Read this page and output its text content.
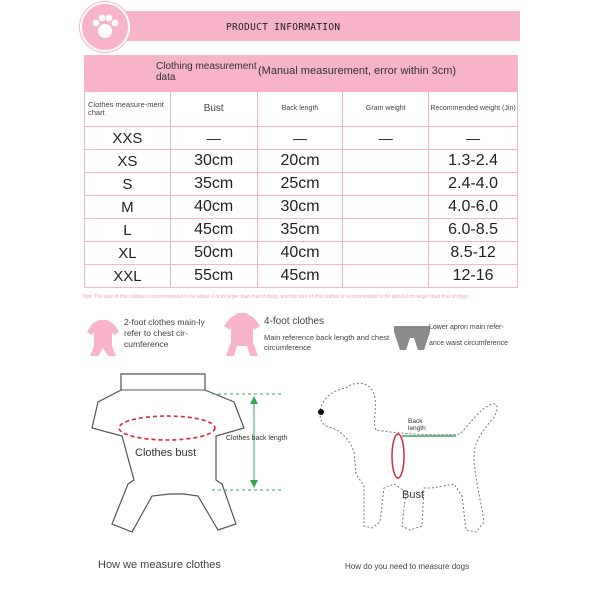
PRODUCT INFORMATION
Clothing measurement data
(Manual measurement, error within 3cm)
Clothes measure-ment chart	Bust	Back length	Gram weight	Recommended weight (Jin)
XXS	—	—	—	—
XS	30cm	20cm		1.3-2.4
S	35cm	25cm		2.4-4.0
M	40cm	30cm		4.0-6.0
L	45cm	35cm		6.0-8.5
XL	50cm	40cm		8.5-12
XXL	55cm	45cm		12-16
Tips: The size of this clothes is recommended to be about 2-3cm larger than that of dogs, and the size of this clothes is recommended to be about 2cm larger than that of dogs.
2-foot clothes main-ly refer to chest cir-cumference
4-foot clothes
Main reference back length and chest circumference
Lower apron main refer-
ance waist circumference
Clothes bust
Clothes back length
Back length
Bust
How we measure clothes	How do you need to measure dogs
